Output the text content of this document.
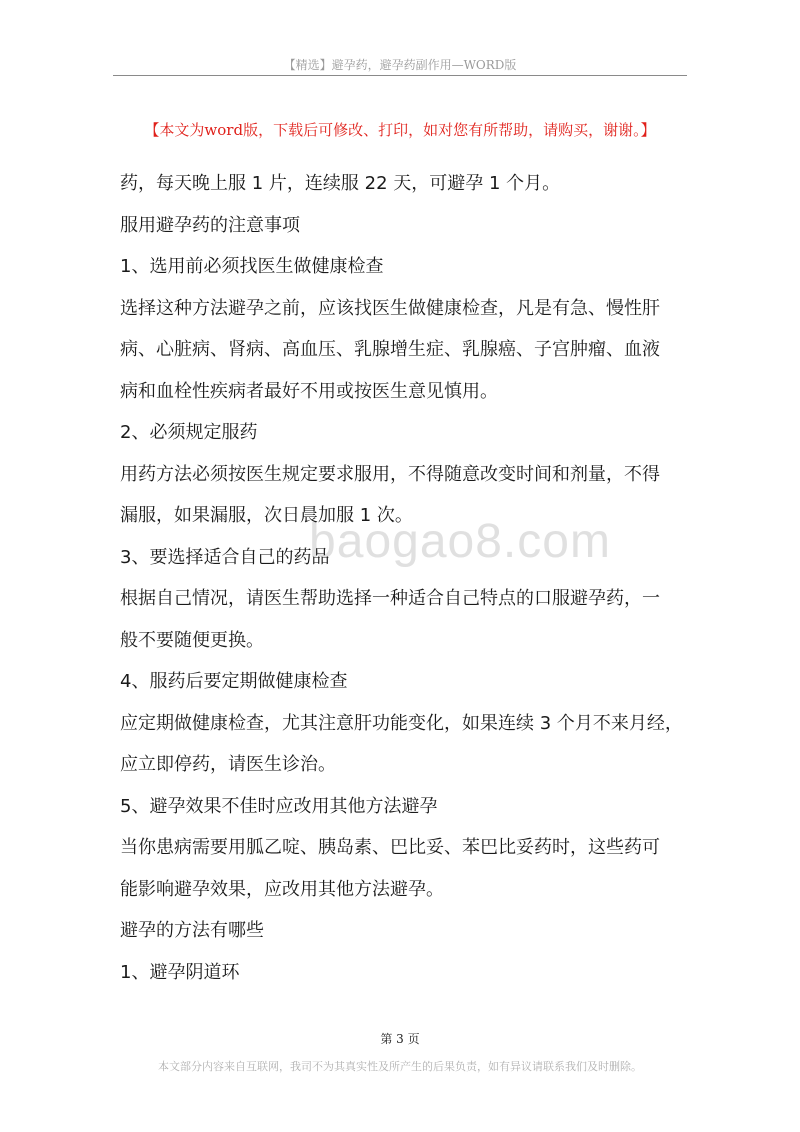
【精选】避孕药，避孕药副作用—WORD版
【本文为word版，下载后可修改、打印，如对您有所帮助，请购买，谢谢。】
baogao8.com

药，每天晚上服 1 片，连续服 22 天，可避孕 1 个月。

服用避孕药的注意事项

1、选用前必须找医生做健康检查

选择这种方法避孕之前，应该找医生做健康检查，凡是有急、慢性肝

病、心脏病、肾病、高血压、乳腺增生症、乳腺癌、子宫肿瘤、血液

病和血栓性疾病者最好不用或按医生意见慎用。

2、必须规定服药

用药方法必须按医生规定要求服用，不得随意改变时间和剂量，不得

漏服，如果漏服，次日晨加服 1 次。

3、要选择适合自己的药品

根据自己情况，请医生帮助选择一种适合自己特点的口服避孕药，一

般不要随便更换。

4、服药后要定期做健康检查

应定期做健康检查，尤其注意肝功能变化，如果连续 3 个月不来月经，

应立即停药，请医生诊治。

5、避孕效果不佳时应改用其他方法避孕

当你患病需要用胍乙啶、胰岛素、巴比妥、苯巴比妥药时，这些药可

能影响避孕效果，应改用其他方法避孕。

避孕的方法有哪些

1、避孕阴道环

第 3 页
本文部分内容来自互联网，我司不为其真实性及所产生的后果负责，如有异议请联系我们及时删除。
